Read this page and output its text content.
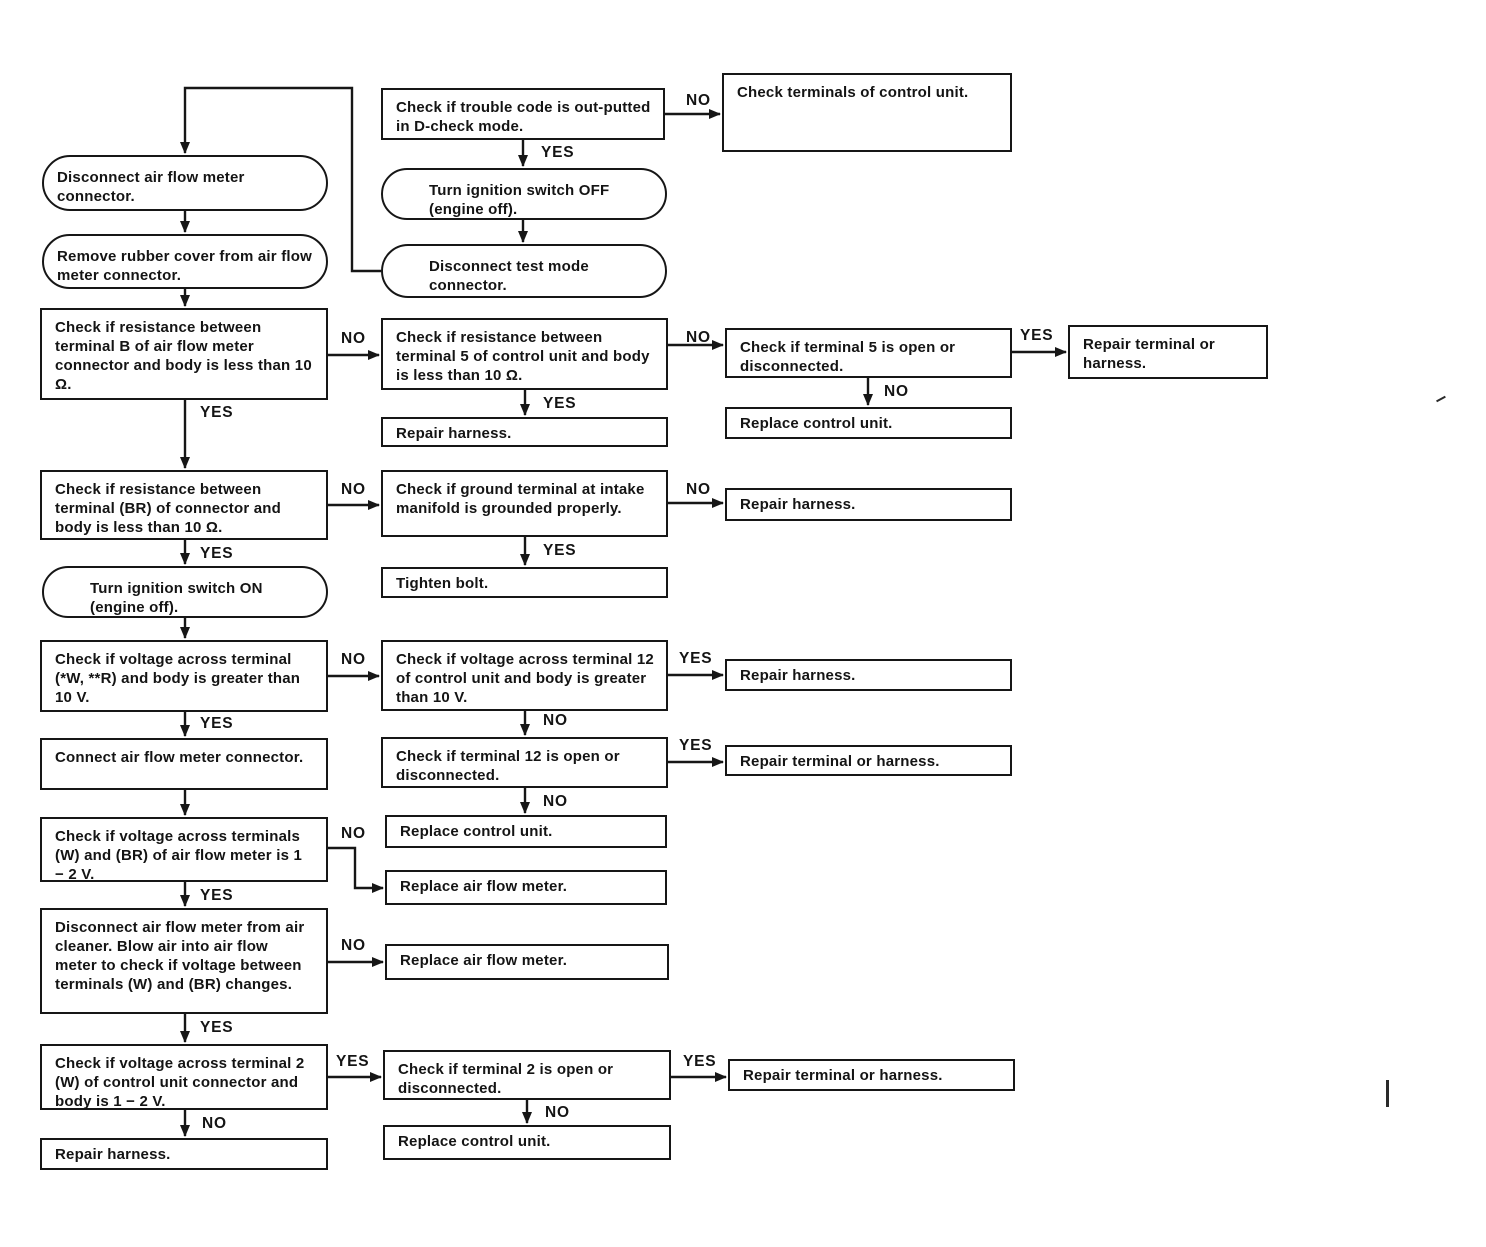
NO
YES
YES
NO
YES
NO	YES
NO
YES
NO
YES
NO
YES
NO	YES
NO
YES
NO
NO
YES
NO
YES
YES	YES
NO
NO
Disconnect air flow meter connector.
Remove rubber cover from air flow meter connector.
Check if resistance between terminal B of air flow meter connector and body is less than 10 Ω.
Check if resistance between terminal (BR) of connector and body is less than 10 Ω.
Turn ignition switch ON (engine off).
Check if voltage across terminal (*W, **R) and body is greater than 10 V.
Connect air flow meter connector.
Check if voltage across terminals (W) and (BR) of air flow meter is 1 − 2 V.
Disconnect air flow meter from air cleaner. Blow air into air flow meter to check if voltage between terminals (W) and (BR) changes.
Check if voltage across terminal 2 (W) of control unit connector and body is 1 − 2 V.
Repair harness.
Check if trouble code is out-putted in D-check mode.
Turn ignition switch OFF (engine off).
Disconnect test mode connector.
Check if resistance between terminal 5 of control unit and body is less than 10 Ω.
Repair harness.
Check if ground terminal at intake manifold is grounded properly.
Tighten bolt.
Check if voltage across terminal 12 of control unit and body is greater than 10 V.
Check if terminal 12 is open or disconnected.
Replace control unit.
Replace air flow meter.
Replace air flow meter.
Check if terminal 2 is open or disconnected.
Replace control unit.
Check terminals of control unit.
Check if terminal 5 is open or disconnected.
Replace control unit.
Repair harness.
Repair harness.
Repair terminal or harness.
Repair terminal or harness.
Repair terminal or harness.
